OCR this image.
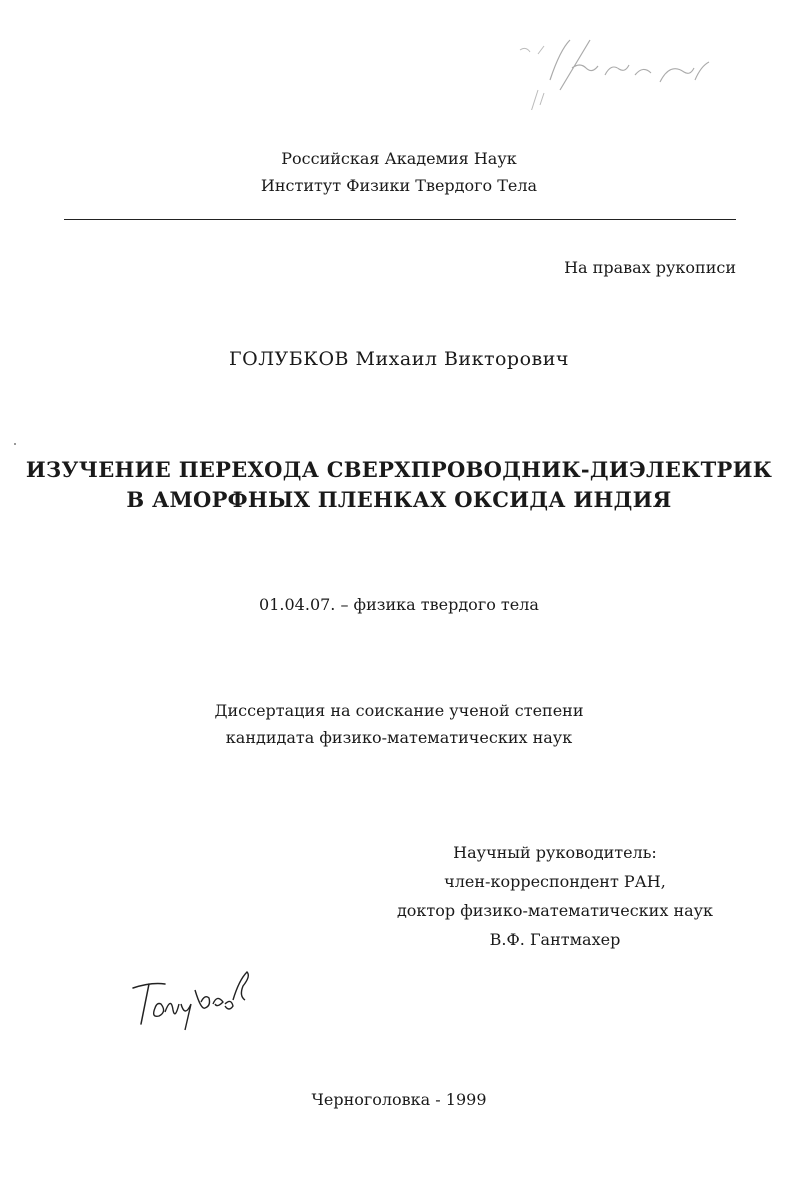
Российская Академия Наук
Институт Физики Твердого Тела
На правах рукописи
ГОЛУБКОВ Михаил Викторович
ИЗУЧЕНИЕ ПЕРЕХОДА СВЕРХПРОВОДНИК-ДИЭЛЕКТРИК
В АМОРФНЫХ ПЛЕНКАХ ОКСИДА ИНДИЯ
01.04.07. – физика твердого тела
Диссертация на соискание ученой степени
кандидата физико-математических наук
Научный руководитель:
член-корреспондент РАН,
доктор физико-математических наук
В.Ф. Гантмахер
Черноголовка - 1999
